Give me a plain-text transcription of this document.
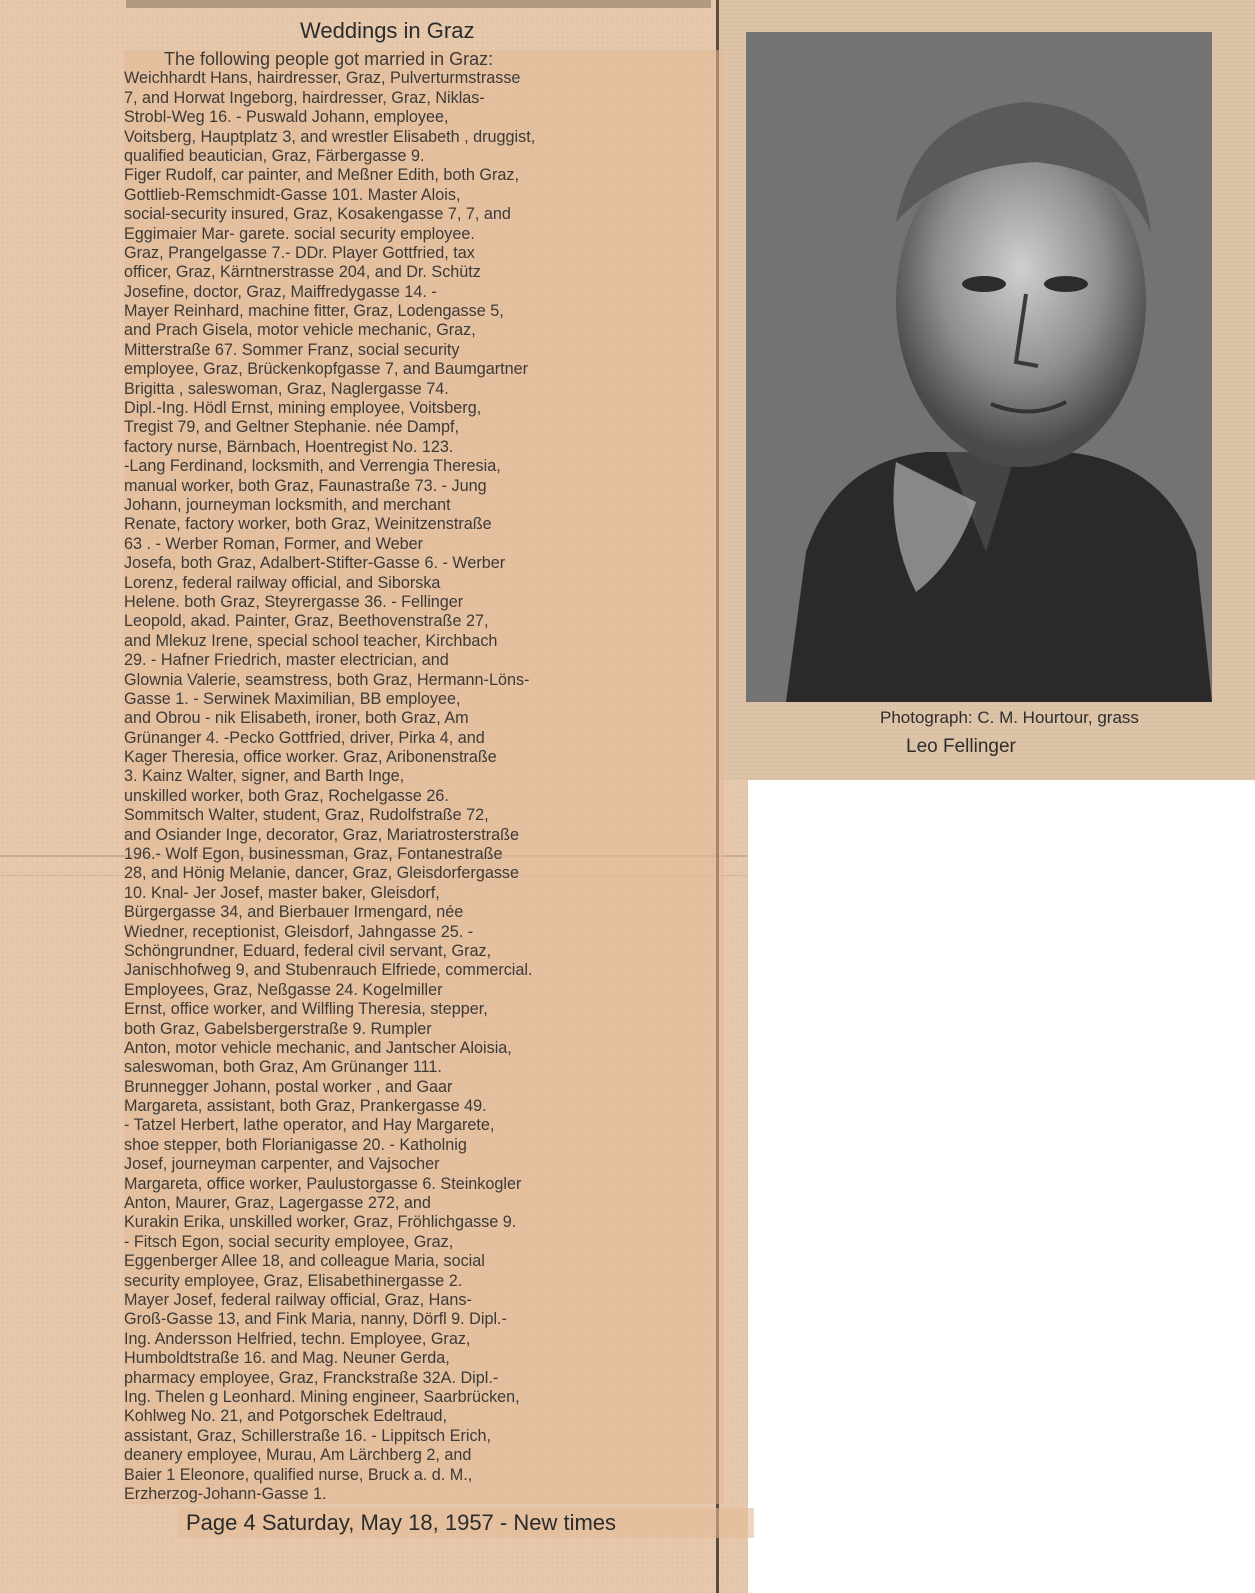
Weddings in Graz
The following people got married in Graz:
Weichhardt Hans, hairdresser, Graz, Pulverturmstrasse
7, and Horwat Ingeborg, hairdresser, Graz, Niklas-
Strobl-Weg 16. - Puswald Johann, employee,
Voitsberg, Hauptplatz 3, and wrestler Elisabeth , druggist,
qualified beautician, Graz, Färbergasse 9.
Figer Rudolf, car painter, and Meßner Edith, both Graz,
Gottlieb-Remschmidt-Gasse 101. Master Alois,
social-security insured, Graz, Kosakengasse 7, 7, and
Eggimaier Mar- garete. social security employee.
Graz, Prangelgasse 7.- DDr. Player Gottfried, tax
officer, Graz, Kärntnerstrasse 204, and Dr. Schütz
Josefine, doctor, Graz, Maiffredygasse 14. -
Mayer Reinhard, machine fitter, Graz, Lodengasse 5,
and Prach Gisela, motor vehicle mechanic, Graz,
Mitterstraße 67. Sommer Franz, social security
employee, Graz, Brückenkopfgasse 7, and Baumgartner
Brigitta , saleswoman, Graz, Naglergasse 74.
Dipl.-Ing. Hödl Ernst, mining employee, Voitsberg,
Tregist 79, and Geltner Stephanie. née Dampf,
factory nurse, Bärnbach, Hoentregist No. 123.
-Lang Ferdinand, locksmith, and Verrengia Theresia,
manual worker, both Graz, Faunastraße 73. - Jung
Johann, journeyman locksmith, and merchant
Renate, factory worker, both Graz, Weinitzenstraße
63 . - Werber Roman, Former, and Weber
Josefa, both Graz, Adalbert-Stifter-Gasse 6. - Werber
Lorenz, federal railway official, and Siborska
Helene. both Graz, Steyrergasse 36. - Fellinger
Leopold, akad. Painter, Graz, Beethovenstraße 27,
and Mlekuz Irene, special school teacher, Kirchbach
29. - Hafner Friedrich, master electrician, and
Glownia Valerie, seamstress, both Graz, Hermann-Löns-
Gasse 1. - Serwinek Maximilian, BB employee,
and Obrou - nik Elisabeth, ironer, both Graz, Am
Grünanger 4. -Pecko Gottfried, driver, Pirka 4, and
Kager Theresia, office worker. Graz, Aribonenstraße
3. Kainz Walter, signer, and Barth Inge,
unskilled worker, both Graz, Rochelgasse 26.
Sommitsch Walter, student, Graz, Rudolfstraße 72,
and Osiander Inge, decorator, Graz, Mariatrosterstraße
196.- Wolf Egon, businessman, Graz, Fontanestraße
28, and Hönig Melanie, dancer, Graz, Gleisdorfergasse
10. Knal- Jer Josef, master baker, Gleisdorf,
Bürgergasse 34, and Bierbauer Irmengard, née
Wiedner, receptionist, Gleisdorf, Jahngasse 25. -
Schöngrundner, Eduard, federal civil servant, Graz,
Janischhofweg 9, and Stubenrauch Elfriede, commercial.
Employees, Graz, Neßgasse 24. Kogelmiller
Ernst, office worker, and Wilfling Theresia, stepper,
both Graz, Gabelsbergerstraße 9. Rumpler
Anton, motor vehicle mechanic, and Jantscher Aloisia,
saleswoman, both Graz, Am Grünanger 111.
Brunnegger Johann, postal worker , and Gaar
Margareta, assistant, both Graz, Prankergasse 49.
- Tatzel Herbert, lathe operator, and Hay Margarete,
shoe stepper, both Florianigasse 20. - Katholnig
Josef, journeyman carpenter, and Vajsocher
Margareta, office worker, Paulustorgasse 6. Steinkogler
Anton, Maurer, Graz, Lagergasse 272, and
Kurakin Erika, unskilled worker, Graz, Fröhlichgasse 9.
- Fitsch Egon, social security employee, Graz,
Eggenberger Allee 18, and colleague Maria, social
security employee, Graz, Elisabethinergasse 2.
Mayer Josef, federal railway official, Graz, Hans-
Groß-Gasse 13, and Fink Maria, nanny, Dörfl 9. Dipl.-
Ing. Andersson Helfried, techn. Employee, Graz,
Humboldtstraße 16. and Mag. Neuner Gerda,
pharmacy employee, Graz, Franckstraße 32A. Dipl.-
Ing. Thelen g Leonhard. Mining engineer, Saarbrücken,
Kohlweg No. 21, and Potgorschek Edeltraud,
assistant, Graz, Schillerstraße 16. - Lippitsch Erich,
deanery employee, Murau, Am Lärchberg 2, and
Baier 1 Eleonore, qualified nurse, Bruck a. d. M.,
Erzherzog-Johann-Gasse 1.
Page 4 Saturday, May 18, 1957 - New times
Photograph: C. M. Hourtour, grass
Leo Fellinger
